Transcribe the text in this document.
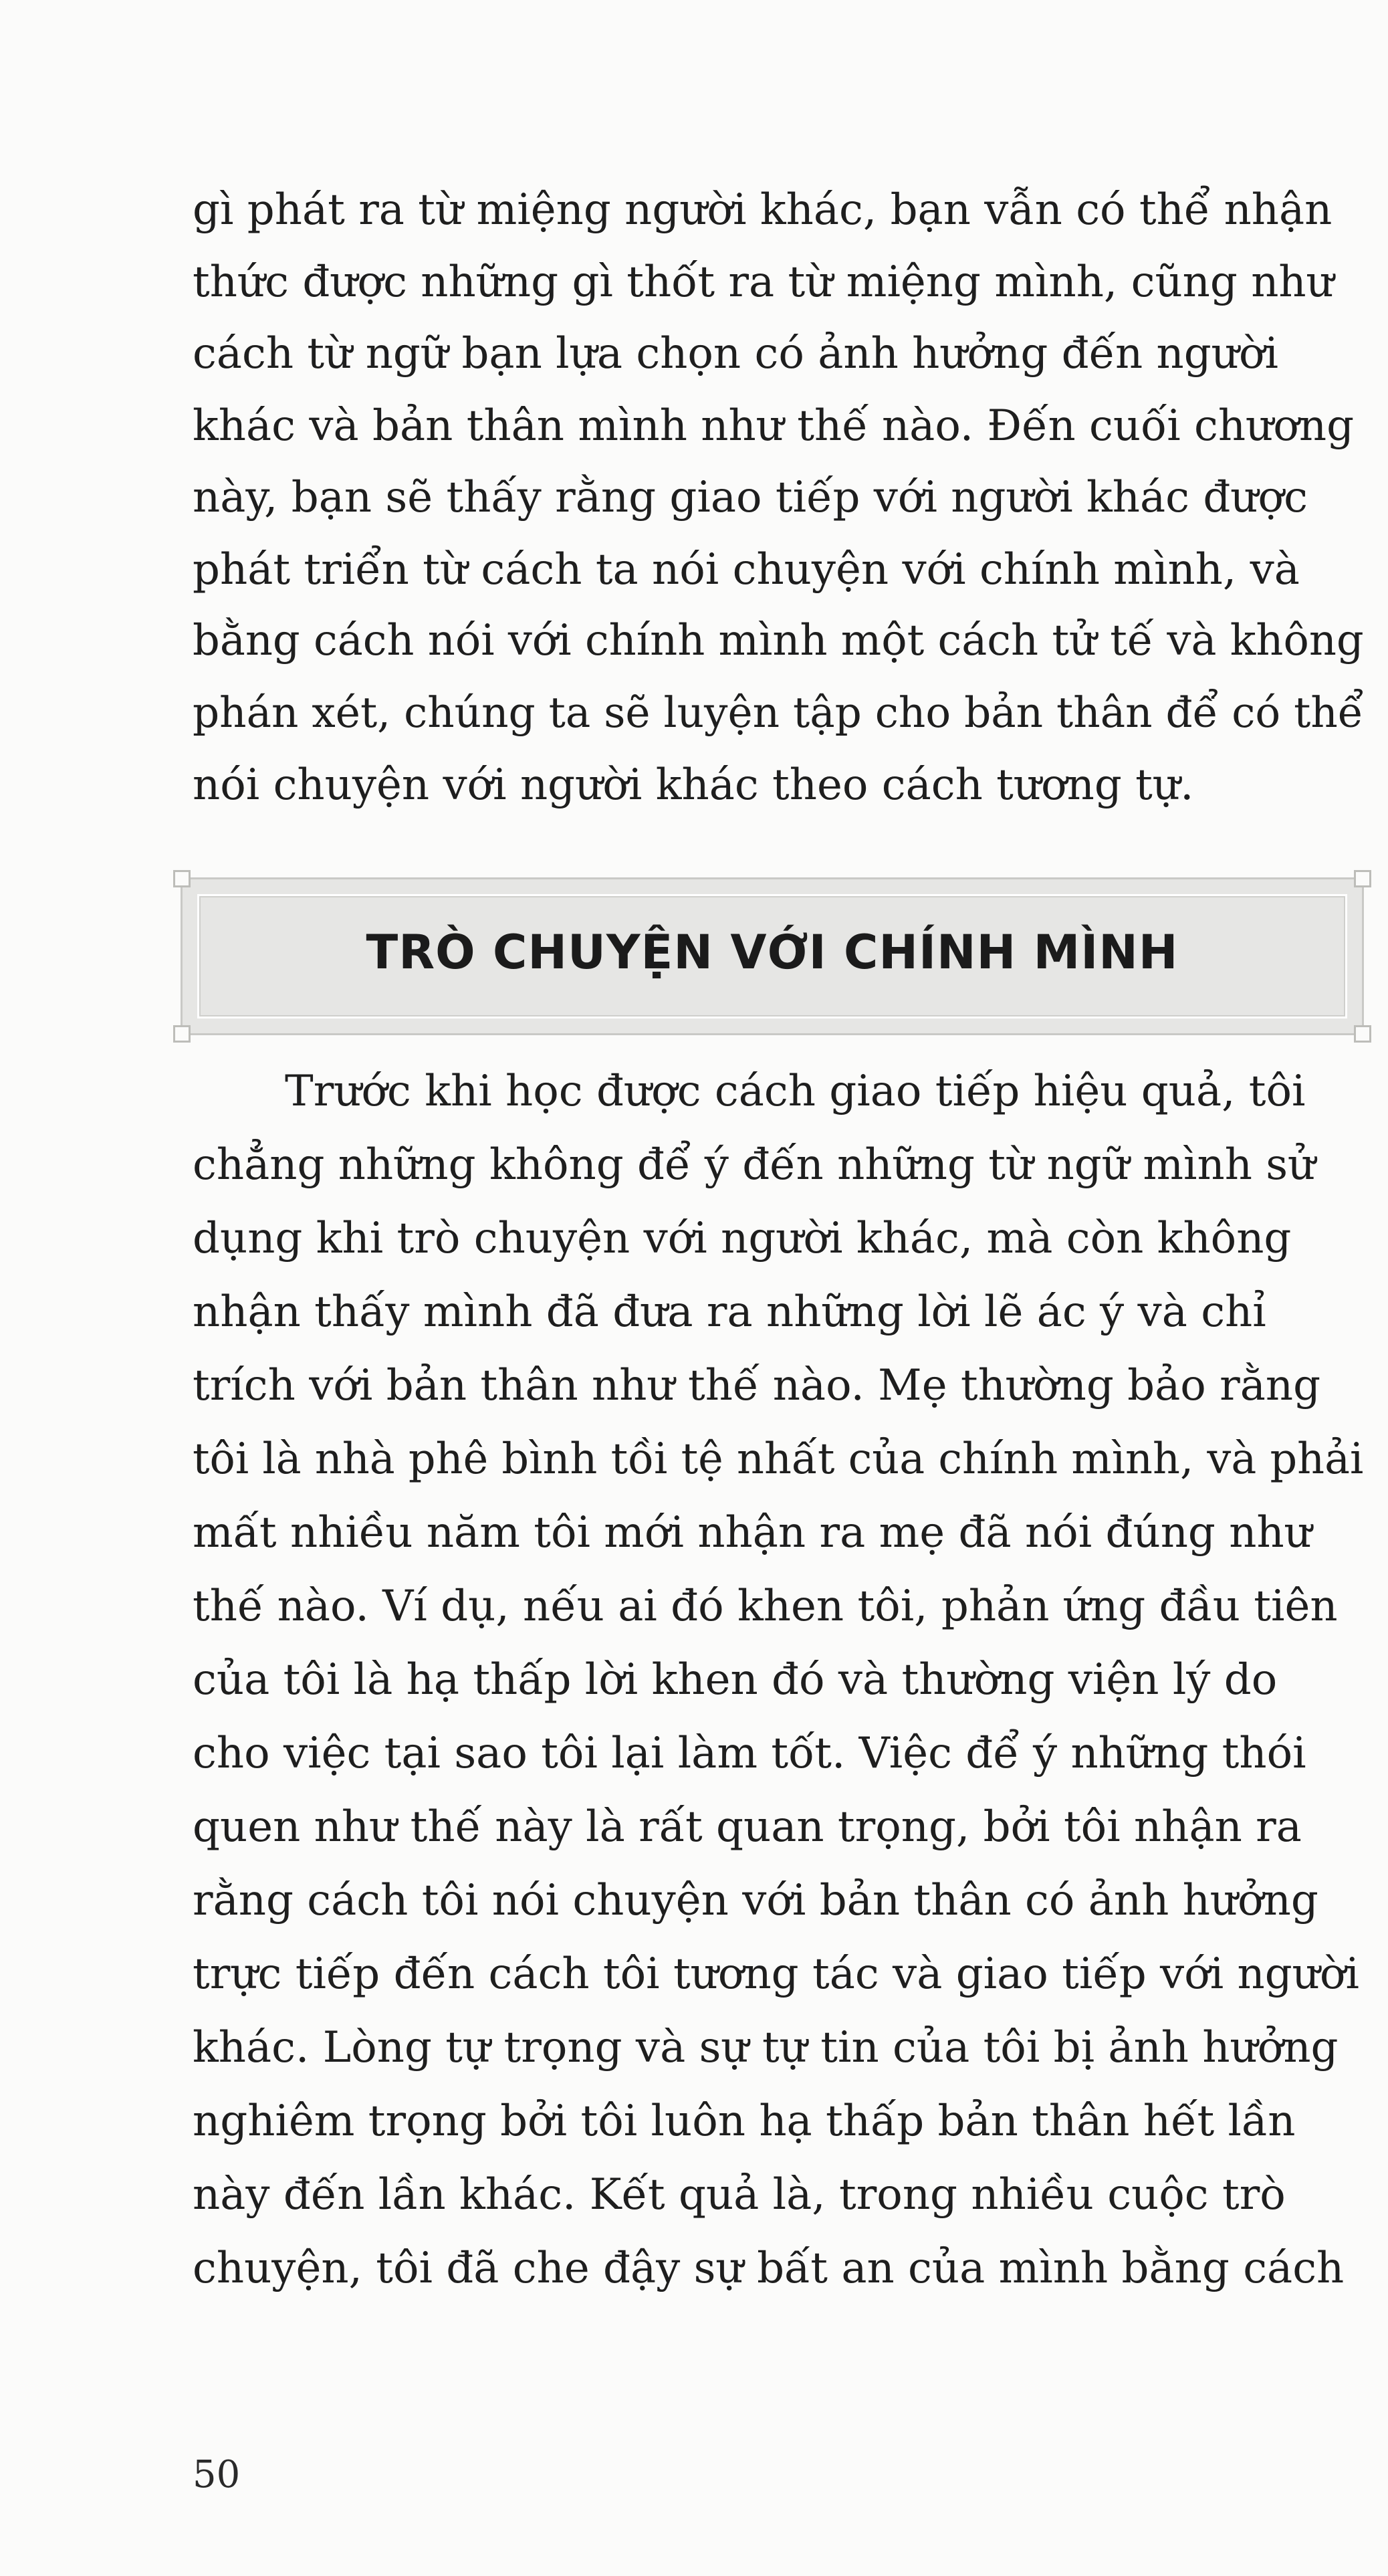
gì phát ra từ miệng người khác, bạn vẫn có thể nhận
thức được những gì thốt ra từ miệng mình, cũng như
cách từ ngữ bạn lựa chọn có ảnh hưởng đến người
khác và bản thân mình như thế nào. Đến cuối chương
này, bạn sẽ thấy rằng giao tiếp với người khác được
phát triển từ cách ta nói chuyện với chính mình, và
bằng cách nói với chính mình một cách tử tế và không
phán xét, chúng ta sẽ luyện tập cho bản thân để có thể
nói chuyện với người khác theo cách tương tự.
TRÒ CHUYỆN VỚI CHÍNH MÌNH
Trước khi học được cách giao tiếp hiệu quả, tôi
chẳng những không để ý đến những từ ngữ mình sử
dụng khi trò chuyện với người khác, mà còn không
nhận thấy mình đã đưa ra những lời lẽ ác ý và chỉ
trích với bản thân như thế nào. Mẹ thường bảo rằng
tôi là nhà phê bình tồi tệ nhất của chính mình, và phải
mất nhiều năm tôi mới nhận ra mẹ đã nói đúng như
thế nào. Ví dụ, nếu ai đó khen tôi, phản ứng đầu tiên
của tôi là hạ thấp lời khen đó và thường viện lý do
cho việc tại sao tôi lại làm tốt. Việc để ý những thói
quen như thế này là rất quan trọng, bởi tôi nhận ra
rằng cách tôi nói chuyện với bản thân có ảnh hưởng
trực tiếp đến cách tôi tương tác và giao tiếp với người
khác. Lòng tự trọng và sự tự tin của tôi bị ảnh hưởng
nghiêm trọng bởi tôi luôn hạ thấp bản thân hết lần
này đến lần khác. Kết quả là, trong nhiều cuộc trò
chuyện, tôi đã che đậy sự bất an của mình bằng cách
50
